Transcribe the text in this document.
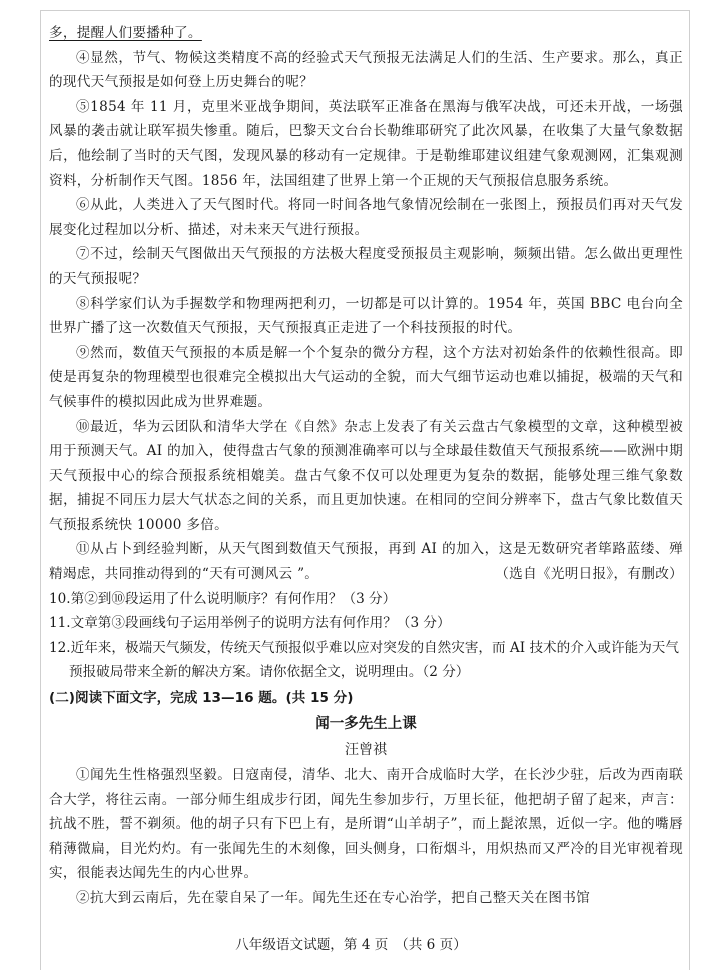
多，提醒人们要播种了。

④显然，节气、物候这类精度不高的经验式天气预报无法满足人们的生活、生产要求。那么，真正的现代天气预报是如何登上历史舞台的呢？

⑤1854 年 11 月，克里米亚战争期间，英法联军正准备在黑海与俄军决战，可还未开战，一场强风暴的袭击就让联军损失惨重。随后，巴黎天文台台长勒维耶研究了此次风暴，在收集了大量气象数据后，他绘制了当时的天气图，发现风暴的移动有一定规律。于是勒维耶建议组建气象观测网，汇集观测资料，分析制作天气图。1856 年，法国组建了世界上第一个正规的天气预报信息服务系统。

⑥从此，人类进入了天气图时代。将同一时间各地气象情况绘制在一张图上，预报员们再对天气发展变化过程加以分析、描述，对未来天气进行预报。

⑦不过，绘制天气图做出天气预报的方法极大程度受预报员主观影响，频频出错。怎么做出更理性的天气预报呢？

⑧科学家们认为手握数学和物理两把利刃，一切都是可以计算的。1954 年，英国 BBC 电台向全世界广播了这一次数值天气预报，天气预报真正走进了一个科技预报的时代。

⑨然而，数值天气预报的本质是解一个个复杂的微分方程，这个方法对初始条件的依赖性很高。即使是再复杂的物理模型也很难完全模拟出大气运动的全貌，而大气细节运动也难以捕捉，极端的天气和气候事件的模拟因此成为世界难题。

⑩最近，华为云团队和清华大学在《自然》杂志上发表了有关云盘古气象模型的文章，这种模型被用于预测天气。AI 的加入，使得盘古气象的预测准确率可以与全球最佳数值天气预报系统——欧洲中期天气预报中心的综合预报系统相媲美。盘古气象不仅可以处理更为复杂的数据，能够处理三维气象数据，捕捉不同压力层大气状态之间的关系，而且更加快速。在相同的空间分辨率下，盘古气象比数值天气预报系统快 10000 多倍。

⑪从占卜到经验判断，从天气图到数值天气预报，再到 AI 的加入，这是无数研究者筚路蓝缕、殚精竭虑，共同推动得到的“天有可测风云 ”。	（选自《光明日报》，有删改）

10.第②到⑩段运用了什么说明顺序？有何作用？（3 分）

11.文章第③段画线句子运用举例子的说明方法有何作用？（3 分）

12.近年来，极端天气频发，传统天气预报似乎难以应对突发的自然灾害，而 AI 技术的介入或许能为天气预报破局带来全新的解决方案。请你依据全文，说明理由。（2 分）

(二)阅读下面文字，完成 13—16 题。(共 15 分)

闻一多先生上课

汪曾祺

①闻先生性格强烈坚毅。日寇南侵，清华、北大、南开合成临时大学，在长沙少驻，后改为西南联合大学，将往云南。一部分师生组成步行团，闻先生参加步行，万里长征，他把胡子留了起来，声言：抗战不胜，誓不剃须。他的胡子只有下巴上有，是所谓“山羊胡子”，而上髭浓黑，近似一字。他的嘴唇稍薄微扁，目光灼灼。有一张闻先生的木刻像，回头侧身，口衔烟斗，用炽热而又严冷的目光审视着现实，很能表达闻先生的内心世界。

②抗大到云南后，先在蒙自呆了一年。闻先生还在专心治学，把自己整天关在图书馆

八年级语文试题，第 4 页　（共 6 页）
